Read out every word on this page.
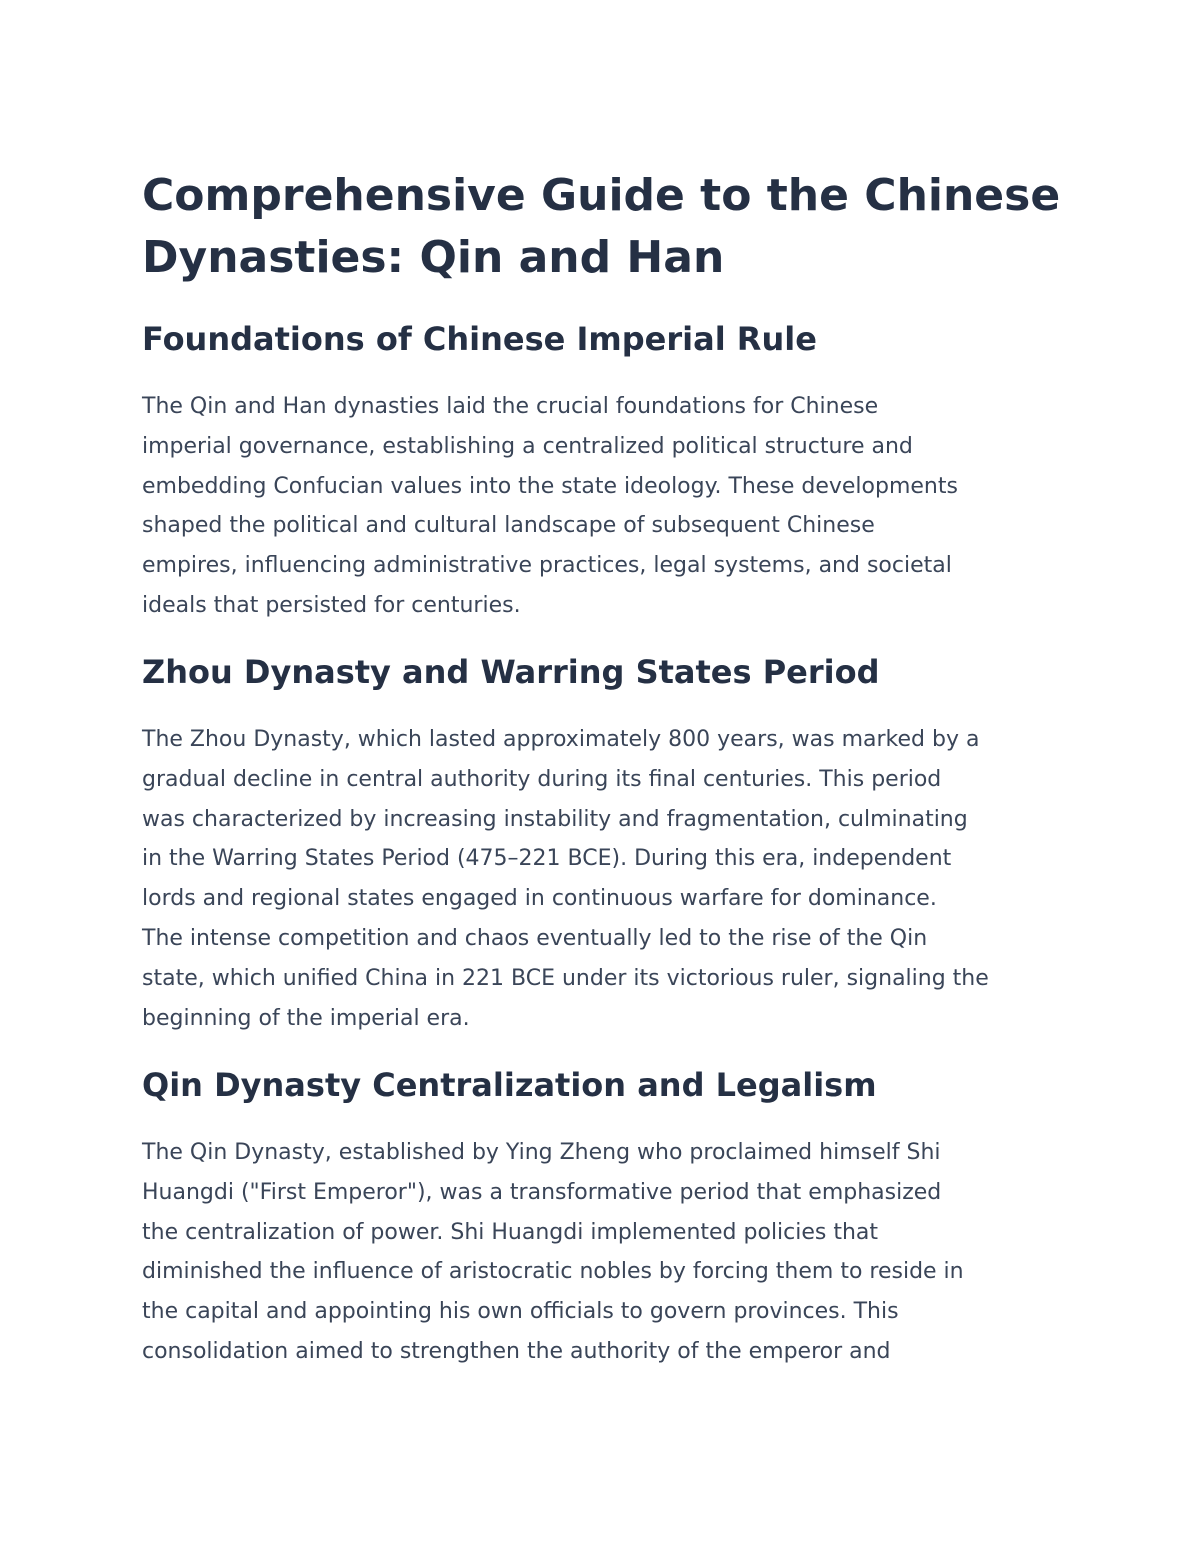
Comprehensive Guide to the Chinese
Dynasties: Qin and Han
Foundations of Chinese Imperial Rule

The Qin and Han dynasties laid the crucial foundations for Chinese
imperial governance, establishing a centralized political structure and
embedding Confucian values into the state ideology. These developments
shaped the political and cultural landscape of subsequent Chinese
empires, influencing administrative practices, legal systems, and societal
ideals that persisted for centuries.

Zhou Dynasty and Warring States Period

The Zhou Dynasty, which lasted approximately 800 years, was marked by a
gradual decline in central authority during its final centuries. This period
was characterized by increasing instability and fragmentation, culminating
in the Warring States Period (475–221 BCE). During this era, independent
lords and regional states engaged in continuous warfare for dominance.
The intense competition and chaos eventually led to the rise of the Qin
state, which unified China in 221 BCE under its victorious ruler, signaling the
beginning of the imperial era.

Qin Dynasty Centralization and Legalism

The Qin Dynasty, established by Ying Zheng who proclaimed himself Shi
Huangdi ("First Emperor"), was a transformative period that emphasized
the centralization of power. Shi Huangdi implemented policies that
diminished the influence of aristocratic nobles by forcing them to reside in
the capital and appointing his own officials to govern provinces. This
consolidation aimed to strengthen the authority of the emperor and
